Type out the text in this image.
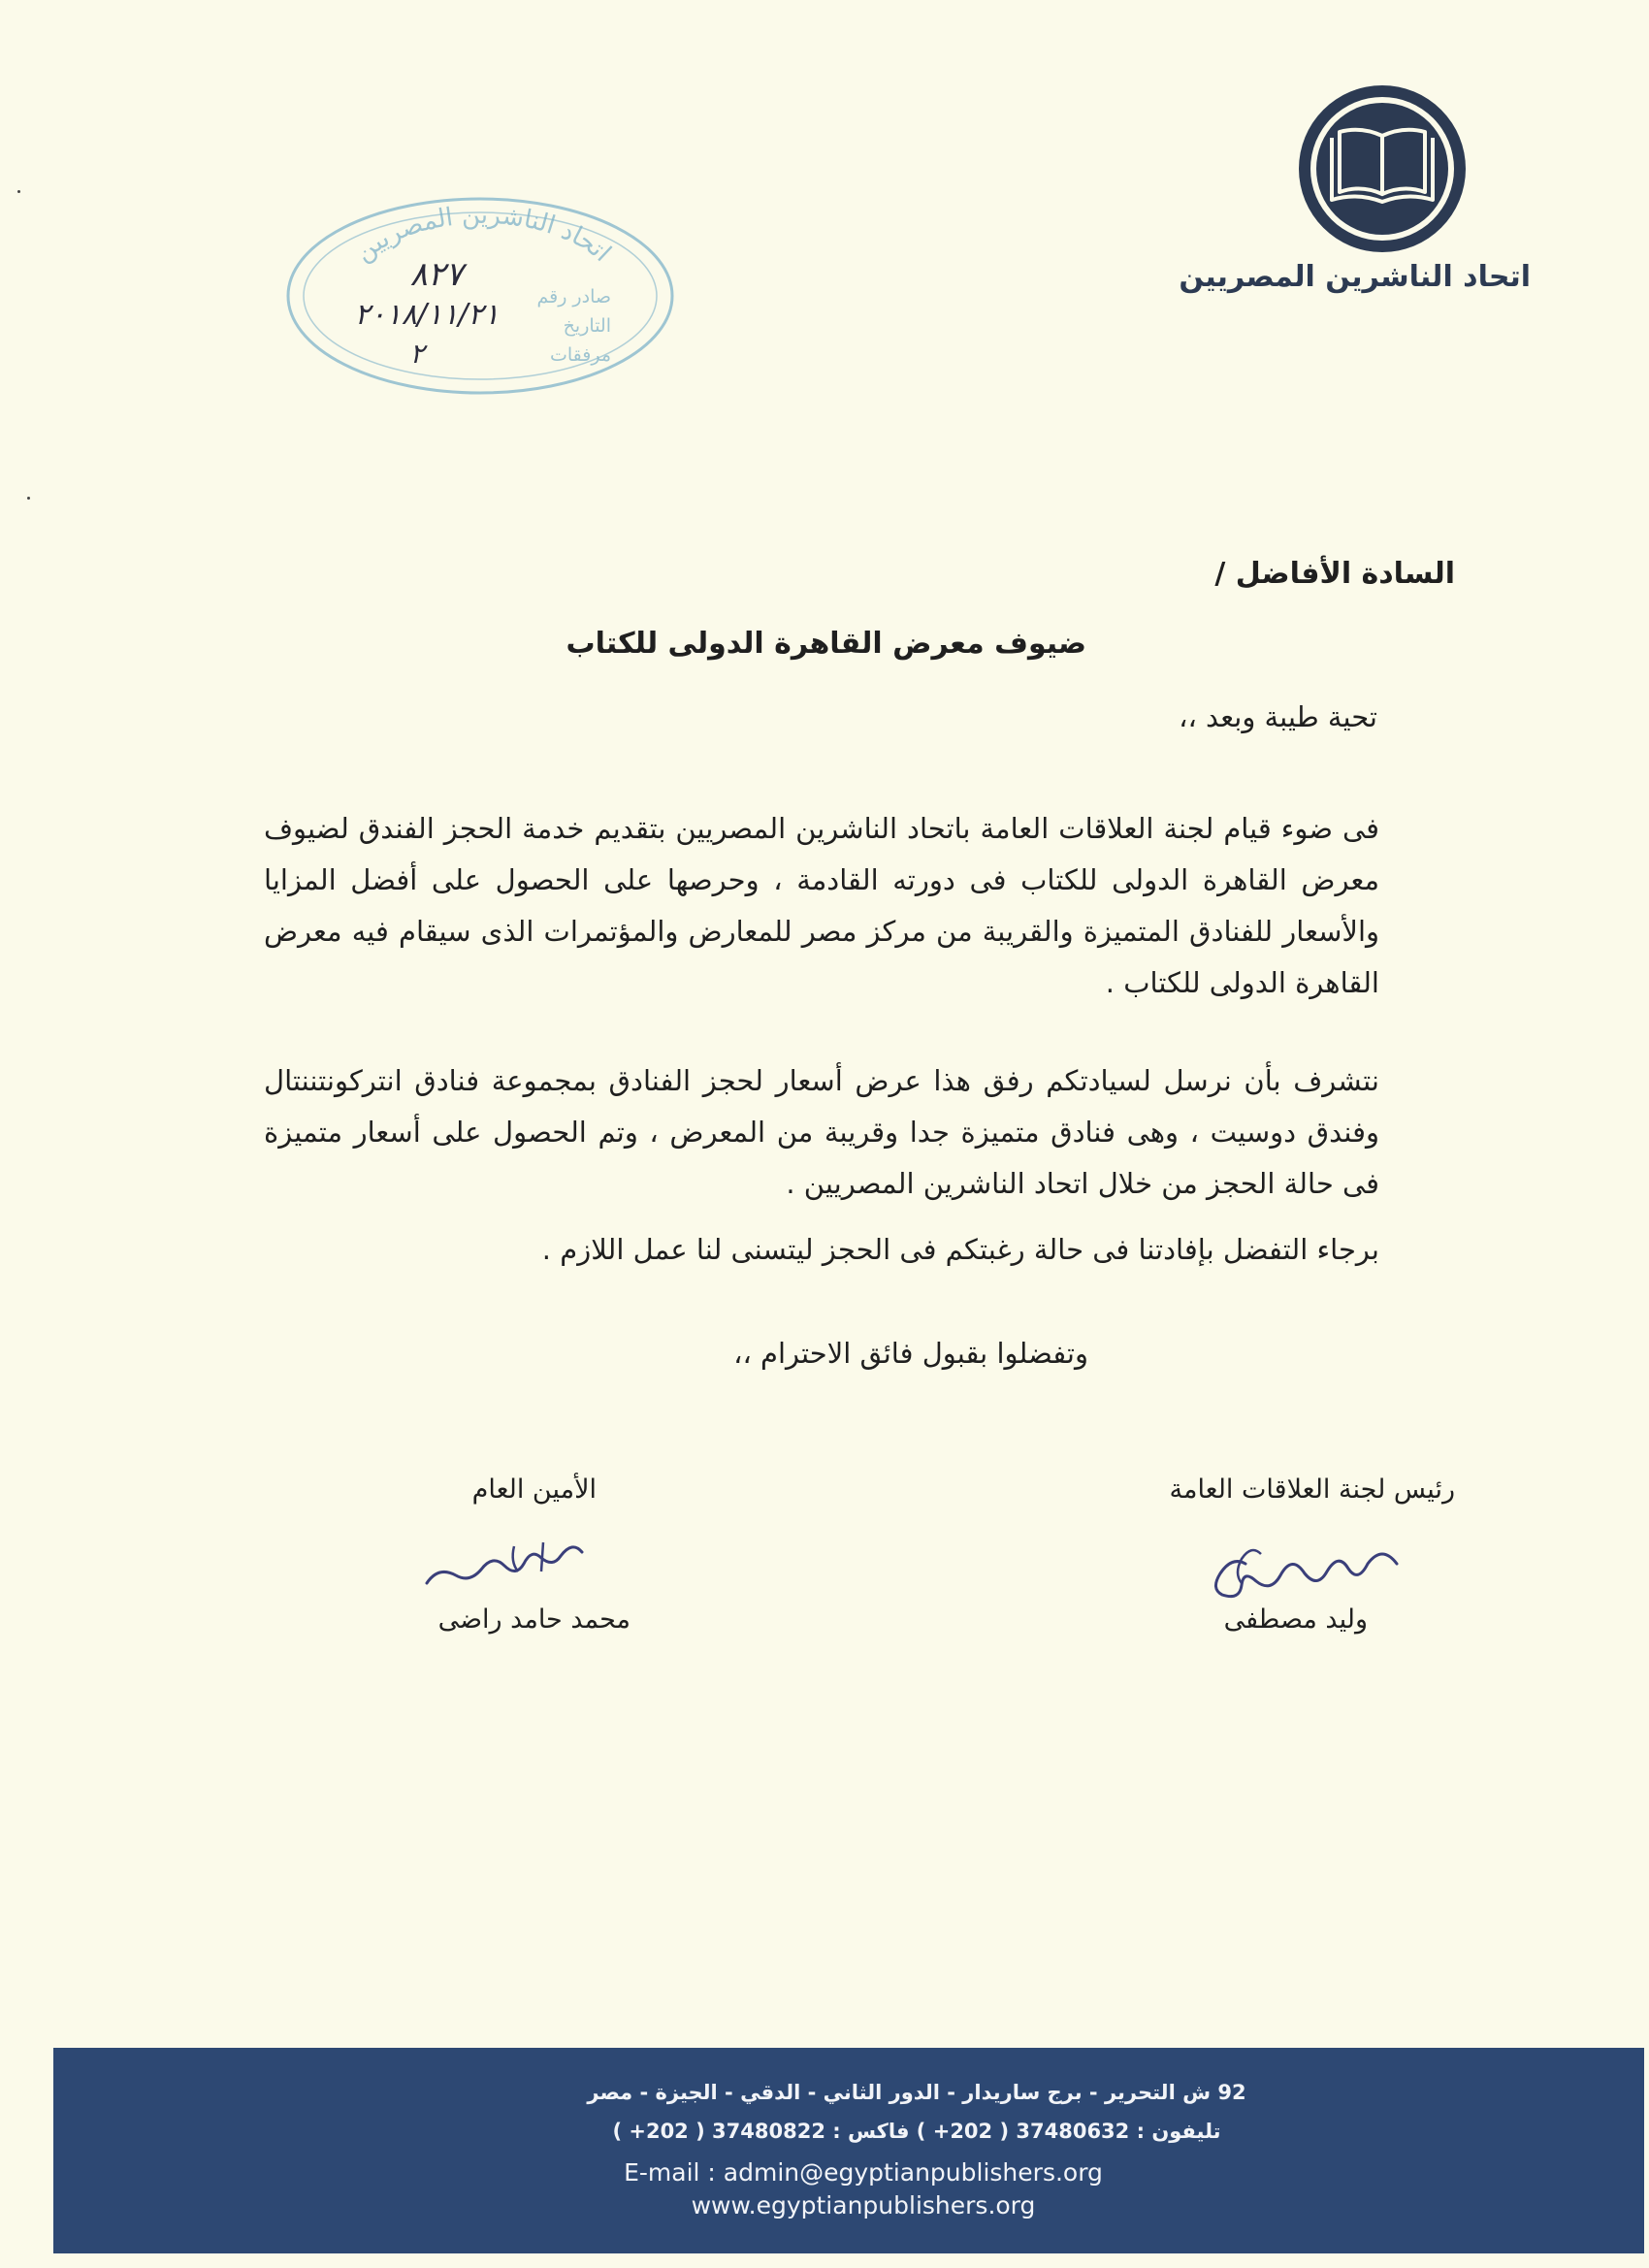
اتحاد الناشرين المصريين
اتحاد الناشرين المصريين
صادر رقم
التاريخ
مرفقات
٨٢٧
٢٠١٨/١١/٢١
٢
السادة الأفاضل /
ضيوف معرض القاهرة الدولى للكتاب
تحية طيبة وبعد ،،
فى ضوء قيام لجنة العلاقات العامة باتحاد الناشرين المصريين بتقديم خدمة الحجز الفندق لضيوف معرض القاهرة الدولى للكتاب فى دورته القادمة ، وحرصها على الحصول على أفضل المزايا والأسعار للفنادق المتميزة والقريبة من مركز مصر للمعارض والمؤتمرات الذى سيقام فيه معرض القاهرة الدولى للكتاب .
نتشرف بأن نرسل لسيادتكم رفق هذا عرض أسعار لحجز الفنادق بمجموعة فنادق انتركونتننتال وفندق دوسيت ، وهى فنادق متميزة جدا وقريبة من المعرض ، وتم الحصول على أسعار متميزة فى حالة الحجز من خلال اتحاد الناشرين المصريين .
برجاء التفضل بإفادتنا فى حالة رغبتكم فى الحجز ليتسنى لنا عمل اللازم .
وتفضلوا بقبول فائق الاحترام ،،
رئيس لجنة العلاقات العامة
وليد مصطفى
الأمين العام
محمد حامد راضى
92 ش التحرير - برج ساريدار - الدور الثاني - الدقي - الجيزة - مصر
تليفون : 37480632 ( 202+ ) فاكس : 37480822 ( 202+ )
E-mail : admin@egyptianpublishers.org
www.egyptianpublishers.org
